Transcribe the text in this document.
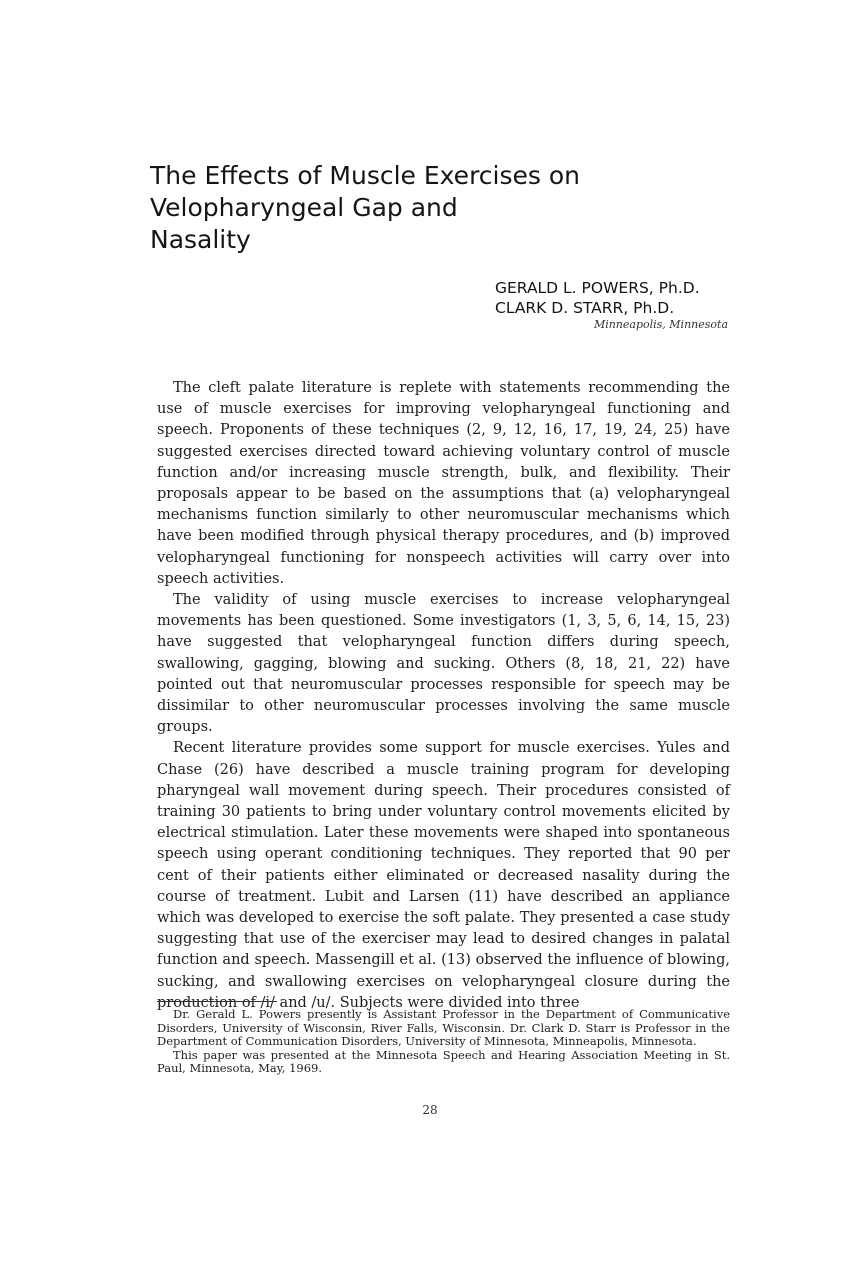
The Effects of Muscle Exercises on
Velopharyngeal Gap and
Nasality
GERALD L. POWERS, Ph.D.
CLARK D. STARR, Ph.D.
Minneapolis, Minnesota

The cleft palate literature is replete with statements recommending the use of muscle exercises for improving velopharyngeal functioning and speech. Proponents of these techniques (2, 9, 12, 16, 17, 19, 24, 25) have suggested exercises directed toward achieving voluntary control of muscle function and/or increasing muscle strength, bulk, and flexibility. Their proposals appear to be based on the assumptions that (a) velopharyngeal mechanisms function similarly to other neuromuscular mechanisms which have been modified through physical therapy procedures, and (b) improved velopharyngeal functioning for nonspeech activities will carry over into speech activities.

The validity of using muscle exercises to increase velopharyngeal movements has been questioned. Some investigators (1, 3, 5, 6, 14, 15, 23) have suggested that velopharyngeal function differs during speech, swallowing, gagging, blowing and sucking. Others (8, 18, 21, 22) have pointed out that neuromuscular processes responsible for speech may be dissimilar to other neuromuscular processes involving the same muscle groups.

Recent literature provides some support for muscle exercises. Yules and Chase (26) have described a muscle training program for developing pharyngeal wall movement during speech. Their procedures consisted of training 30 patients to bring under voluntary control movements elicited by electrical stimulation. Later these movements were shaped into spontaneous speech using operant conditioning techniques. They reported that 90 per cent of their patients either eliminated or decreased nasality during the course of treatment. Lubit and Larsen (11) have described an appliance which was developed to exercise the soft palate. They presented a case study suggesting that use of the exerciser may lead to desired changes in palatal function and speech. Massengill et al. (13) observed the influence of blowing, sucking, and swallowing exercises on velopharyngeal closure during the production of /i/ and /u/. Subjects were divided into three

Dr. Gerald L. Powers presently is Assistant Professor in the Department of Communicative Disorders, University of Wisconsin, River Falls, Wisconsin. Dr. Clark D. Starr is Professor in the Department of Communication Disorders, University of Minnesota, Minneapolis, Minnesota.

This paper was presented at the Minnesota Speech and Hearing Association Meeting in St. Paul, Minnesota, May, 1969.

28
